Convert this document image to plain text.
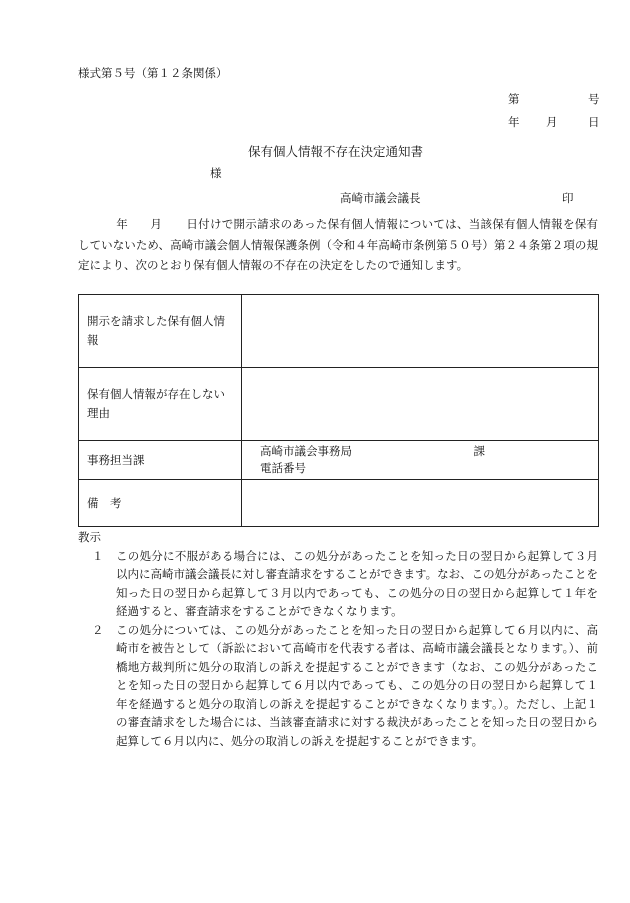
様式第５号（第１２条関係）
第	号
年 月	日
保有個人情報不存在決定通知書
様
高崎市議会議長	印
年 月 日付けで開示請求のあった保有個人情報については、当該保有個人情報を保有していないため、高崎市議会個人情報保護条例（令和４年高崎市条例第５０号）第２４条第２項の規定により、次のとおり保有個人情報の不存在の決定をしたので通知します。
開示を請求した保有個人情報	
保有個人情報が存在しない理由	
事務担当課	高崎市議会事務局 課
電話番号

備　考	
教示
１ この処分に不服がある場合には、この処分があったことを知った日の翌日から起算して３月以内に高崎市議会議長に対し審査請求をすることができます。なお、この処分があったことを知った日の翌日から起算して３月以内であっても、この処分の日の翌日から起算して１年を経過すると、審査請求をすることができなくなります。
２ この処分については、この処分があったことを知った日の翌日から起算して６月以内に、高崎市を被告として（訴訟において高崎市を代表する者は、高崎市議会議長となります。）、前橋地方裁判所に処分の取消しの訴えを提起することができます（なお、この処分があったことを知った日の翌日から起算して６月以内であっても、この処分の日の翌日から起算して１年を経過すると処分の取消しの訴えを提起することができなくなります。）。ただし、上記１の審査請求をした場合には、当該審査請求に対する裁決があったことを知った日の翌日から起算して６月以内に、処分の取消しの訴えを提起することができます。
